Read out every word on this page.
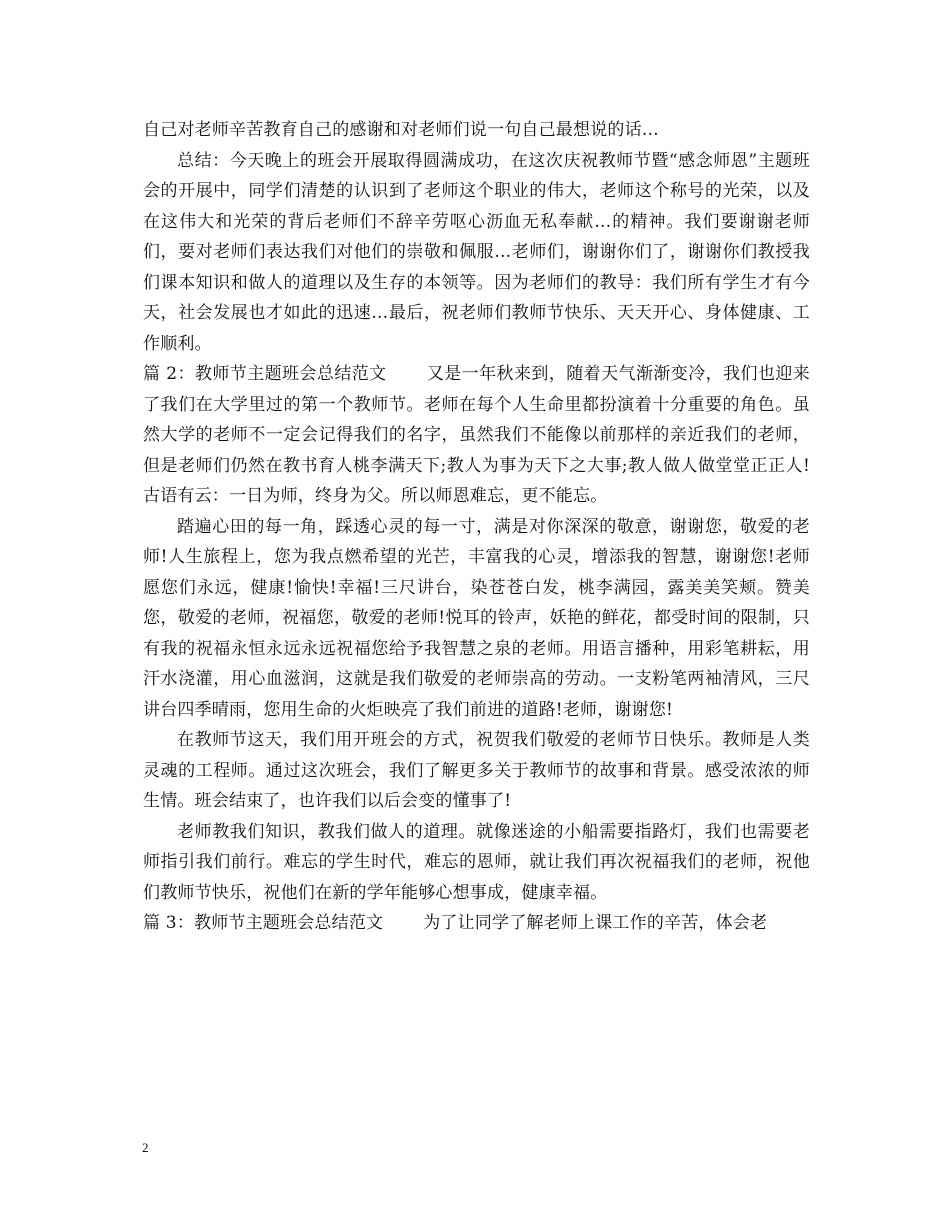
自己对老师辛苦教育自己的感谢和对老师们说一句自己最想说的话…

总结：今天晚上的班会开展取得圆满成功，在这次庆祝教师节暨“感念师恩”主题班会的开展中，同学们清楚的认识到了老师这个职业的伟大，老师这个称号的光荣，以及在这伟大和光荣的背后老师们不辞辛劳呕心沥血无私奉献…的精神。我们要谢谢老师们，要对老师们表达我们对他们的崇敬和佩服…老师们，谢谢你们了，谢谢你们教授我们课本知识和做人的道理以及生存的本领等。因为老师们的教导：我们所有学生才有今天，社会发展也才如此的迅速…最后，祝老师们教师节快乐、天天开心、身体健康、工作顺利。

篇 2：教师节主题班会总结范文 又是一年秋来到，随着天气渐渐变冷，我们也迎来了我们在大学里过的第一个教师节。老师在每个人生命里都扮演着十分重要的角色。虽然大学的老师不一定会记得我们的名字，虽然我们不能像以前那样的亲近我们的老师，但是老师们仍然在教书育人桃李满天下;教人为事为天下之大事;教人做人做堂堂正正人!古语有云：一日为师，终身为父。所以师恩难忘，更不能忘。

踏遍心田的每一角，踩透心灵的每一寸，满是对你深深的敬意，谢谢您，敬爱的老师!人生旅程上，您为我点燃希望的光芒，丰富我的心灵，增添我的智慧，谢谢您!老师愿您们永远，健康!愉快!幸福!三尺讲台，染苍苍白发，桃李满园，露美美笑颊。赞美您，敬爱的老师，祝福您，敬爱的老师!悦耳的铃声，妖艳的鲜花，都受时间的限制，只有我的祝福永恒永远永远祝福您给予我智慧之泉的老师。用语言播种，用彩笔耕耘，用汗水浇灌，用心血滋润，这就是我们敬爱的老师崇高的劳动。一支粉笔两袖清风，三尺讲台四季晴雨，您用生命的火炬映亮了我们前进的道路!老师，谢谢您!

在教师节这天，我们用开班会的方式，祝贺我们敬爱的老师节日快乐。教师是人类灵魂的工程师。通过这次班会，我们了解更多关于教师节的故事和背景。感受浓浓的师生情。班会结束了，也许我们以后会变的懂事了!

老师教我们知识，教我们做人的道理。就像迷途的小船需要指路灯，我们也需要老师指引我们前行。难忘的学生时代，难忘的恩师，就让我们再次祝福我们的老师，祝他们教师节快乐，祝他们在新的学年能够心想事成，健康幸福。

篇 3：教师节主题班会总结范文 为了让同学了解老师上课工作的辛苦，体会老

2
